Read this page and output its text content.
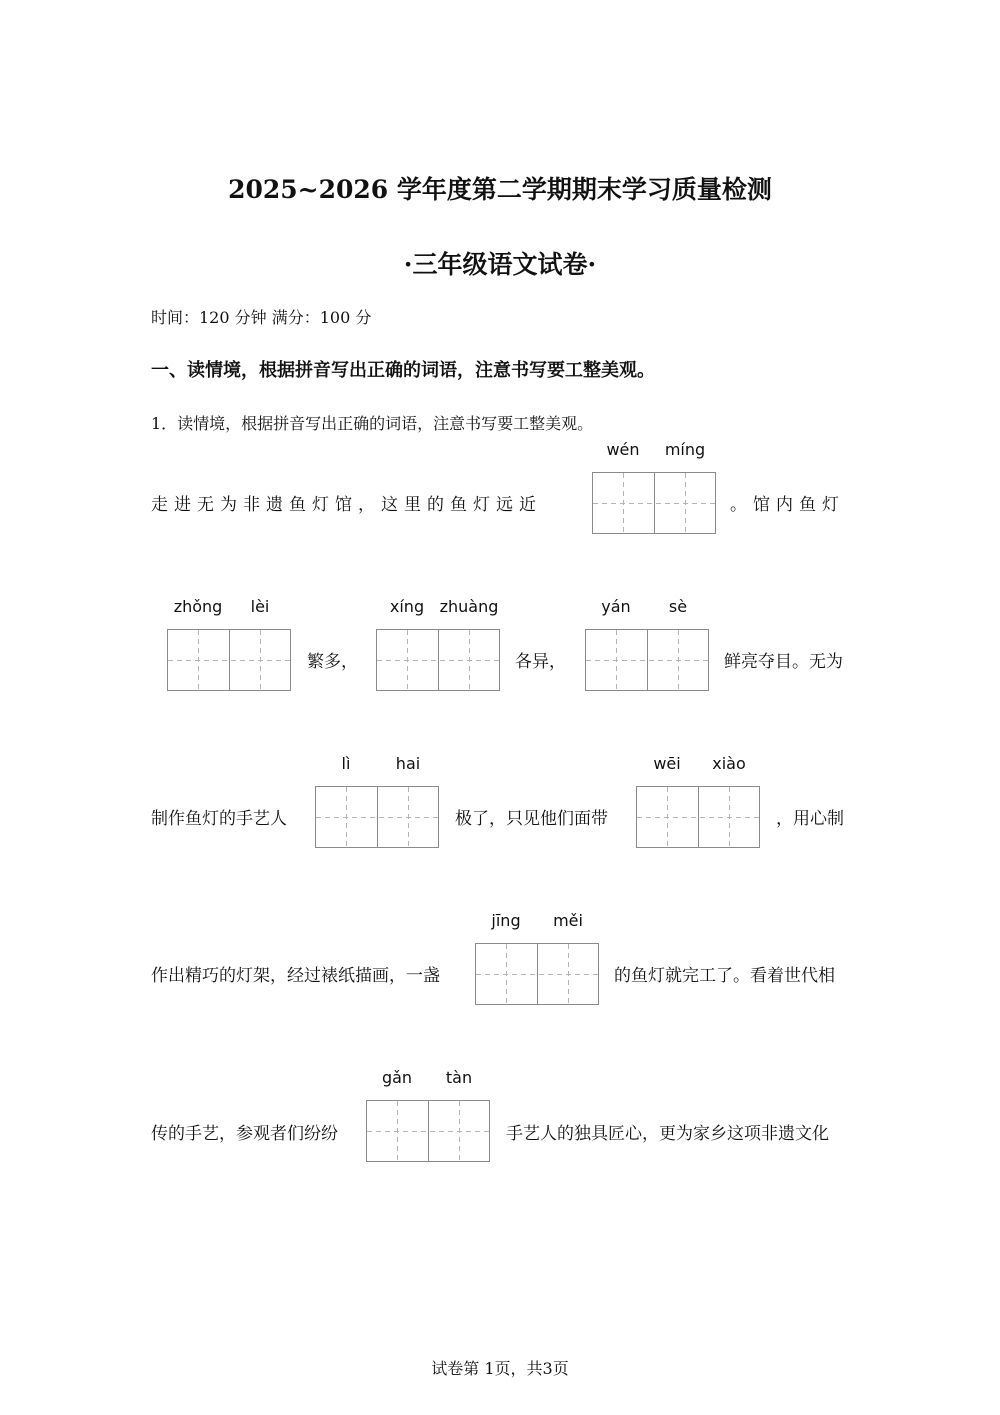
2025~2026 学年度第二学期期末学习质量检测
·三年级语文试卷·
时间：120 分钟 满分：100 分
一、读情境，根据拼音写出正确的词语，注意书写要工整美观。
1．读情境，根据拼音写出正确的词语，注意书写要工整美观。
走进无为非遗鱼灯馆，这里的鱼灯远近
wén	míng
。馆内鱼灯
zhǒng	lèi
繁多，
xíng zhuàng
各异，
yán	sè
鲜亮夺目。无为
制作鱼灯的手艺人
lì	hai
极了，只见他们面带
wēi	xiào
，用心制
作出精巧的灯架，经过裱纸描画，一盏
jīng	měi
的鱼灯就完工了。看着世代相
传的手艺，参观者们纷纷
gǎn	tàn
手艺人的独具匠心，更为家乡这项非遗文化
试卷第 1页，共3页
